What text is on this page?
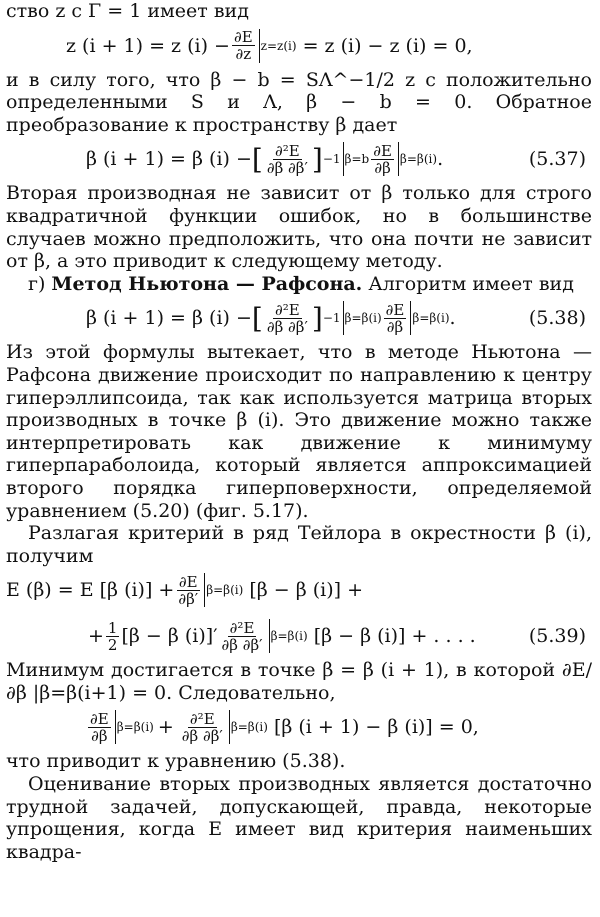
ство z с Γ = 1 имеет вид

z (i + 1) = z $(i) - \frac{\partial E}{\partial z} z=z(i) = z$ (i) − z (i) = 0,

и в силу того, что β − b = SΛ^−1/2 z с положительно определенными S и Λ, β − b = 0. Обратное преобразование к пространству β дает

β (i + 1) = β (i) − [ $\frac{\text{∂²E}}{\partial\beta \partial\beta'}$ ] −1 $\beta=b \frac{\partial E}{\partial\beta} \beta=\beta(i)$ .	(5.37)

Вторая производная не зависит от β только для строго квадратичной функции ошибок, но в большинстве случаев можно предположить, что она почти не зависит от β, а это приводит к следующему методу.

г) Метод Ньютона — Рафсона. Алгоритм имеет вид

β (i + 1) = β (i) − [ $\frac{\text{∂²E}}{\partial\beta \partial\beta'}$ ] −1 $\beta=\beta(i) \frac{\partial E}{\partial\beta} \beta=\beta(i)$ .	(5.38)

Из этой формулы вытекает, что в методе Ньютона — Рафсона движение происходит по направлению к центру гиперэллипсоида, так как используется матрица вторых производных в точке β (i). Это движение можно также интерпретировать как движение к минимуму гиперпараболоида, который является аппроксимацией второго порядка гиперповерхности, определяемой уравнением (5.20) (фиг. 5.17).

Разлагая критерий в ряд Тейлора в окрестности β (i), получим

E (β) = E [β $(i)] + \frac{\partial E}{\partial\beta'} \beta=\beta(i) [\beta - \beta$ (i)] +
+ $\frac{1}{2} [\beta - \beta$ $(i)]' \frac{\text{∂²E}}{\partial\beta \partial\beta'} \beta=\beta(i) [\beta - \beta$ (i)] + . . . .	(5.39)

Минимум достигается в точке β = β (i + 1), в которой ∂E/∂β |β=β(i+1) = 0. Следовательно,

$\frac{\partial E}{\partial\beta} \beta=\beta(i) + \frac{\text{∂²E}}{\partial\beta \partial\beta'} \beta=\beta(i)$ [β (i + 1) − β (i)] = 0,

что приводит к уравнению (5.38).

Оценивание вторых производных является достаточно трудной задачей, допускающей, правда, некоторые упрощения, когда E имеет вид критерия наименьших квадра-
